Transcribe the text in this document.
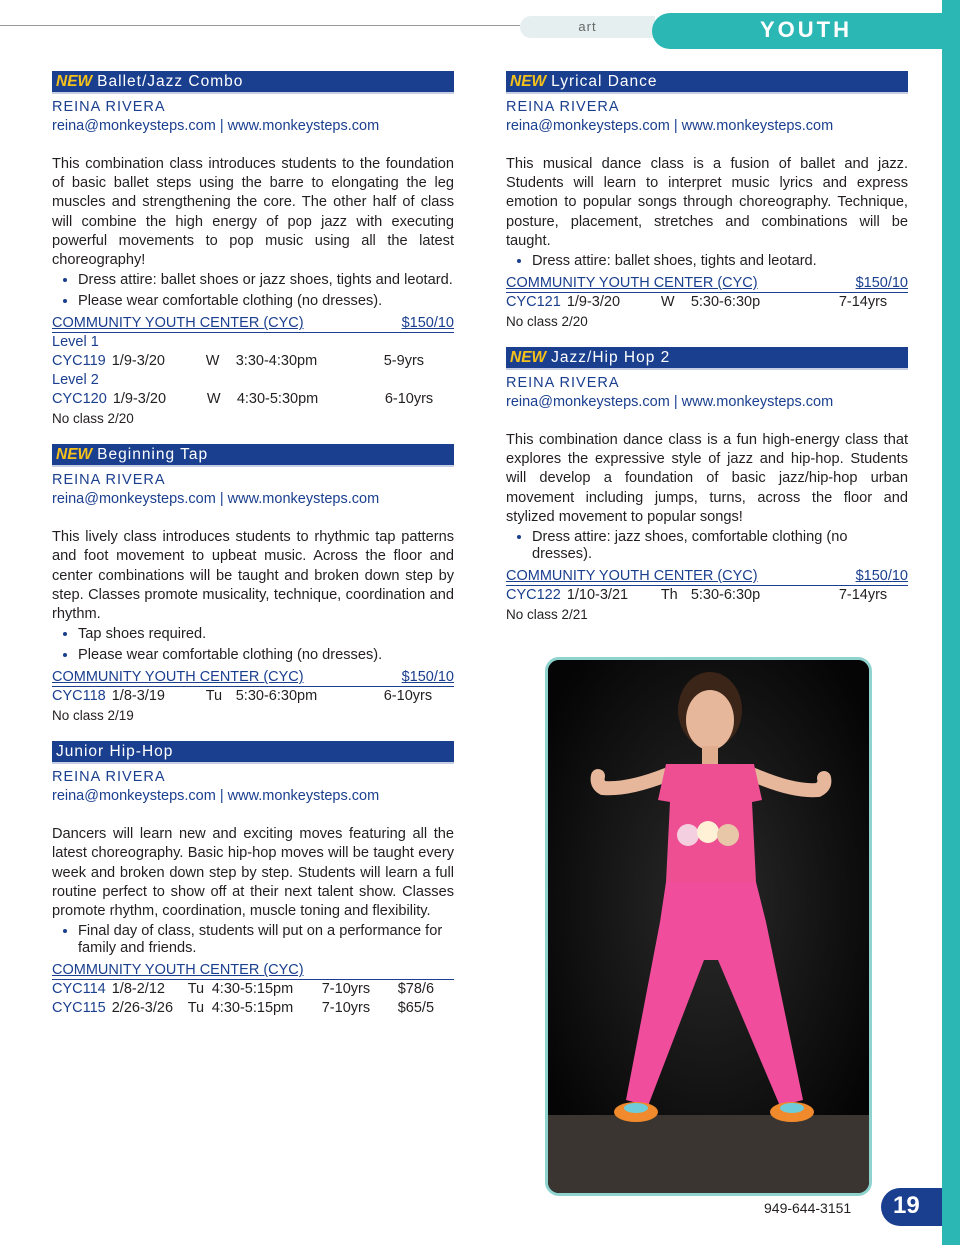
art	YOUTH
NEW Ballet/Jazz Combo
REINA RIVERA
reina@monkeysteps.com | www.monkeysteps.com
This combination class introduces students to the foundation of basic ballet steps using the barre to elongating the leg muscles and strengthening the core. The other half of class will combine the high energy of pop jazz with executing powerful movements to pop music using all the latest choreography!
• Dress attire: ballet shoes or jazz shoes, tights and leotard.
• Please wear comfortable clothing (no dresses).
COMMUNITY YOUTH CENTER (CYC)	$150/10
Level 1
CYC119 1/9-3/20	W	3:30-4:30pm	5-9yrs
Level 2
CYC120 1/9-3/20	W	4:30-5:30pm	6-10yrs
No class 2/20
NEW Beginning Tap
REINA RIVERA
reina@monkeysteps.com | www.monkeysteps.com
This lively class introduces students to rhythmic tap patterns and foot movement to upbeat music. Across the floor and center combinations will be taught and broken down step by step. Classes promote musicality, technique, coordination and rhythm.
• Tap shoes required.
• Please wear comfortable clothing (no dresses).
COMMUNITY YOUTH CENTER (CYC)	$150/10
CYC118 1/8-3/19	Tu 5:30-6:30pm	6-10yrs
No class 2/19
Junior Hip-Hop
REINA RIVERA
reina@monkeysteps.com | www.monkeysteps.com
Dancers will learn new and exciting moves featuring all the latest choreography. Basic hip-hop moves will be taught every week and broken down step by step. Students will learn a full routine perfect to show off at their next talent show. Classes promote rhythm, coordination, muscle toning and flexibility.
• Final day of class, students will put on a performance for family and friends.
COMMUNITY YOUTH CENTER (CYC)
CYC114 1/8-2/12	Tu 4:30-5:15pm	7-10yrs	$78/6
CYC115 2/26-3/26	Tu 4:30-5:15pm	7-10yrs	$65/5
NEW Lyrical Dance
REINA RIVERA
reina@monkeysteps.com | www.monkeysteps.com
This musical dance class is a fusion of ballet and jazz. Students will learn to interpret music lyrics and express emotion to popular songs through choreography. Technique, posture, placement, stretches and combinations will be taught.
• Dress attire: ballet shoes, tights and leotard.
COMMUNITY YOUTH CENTER (CYC)	$150/10
CYC121 1/9-3/20	W	5:30-6:30p	7-14yrs
No class 2/20
NEW Jazz/Hip Hop 2
REINA RIVERA
reina@monkeysteps.com | www.monkeysteps.com
This combination dance class is a fun high-energy class that explores the expressive style of jazz and hip-hop. Students will develop a foundation of basic jazz/hip-hop urban movement including jumps, turns, across the floor and stylized movement to popular songs!
• Dress attire: jazz shoes, comfortable clothing (no dresses).
COMMUNITY YOUTH CENTER (CYC)	$150/10
CYC122 1/10-3/21	Th 5:30-6:30p	7-14yrs
No class 2/21
949-644-3151 19
